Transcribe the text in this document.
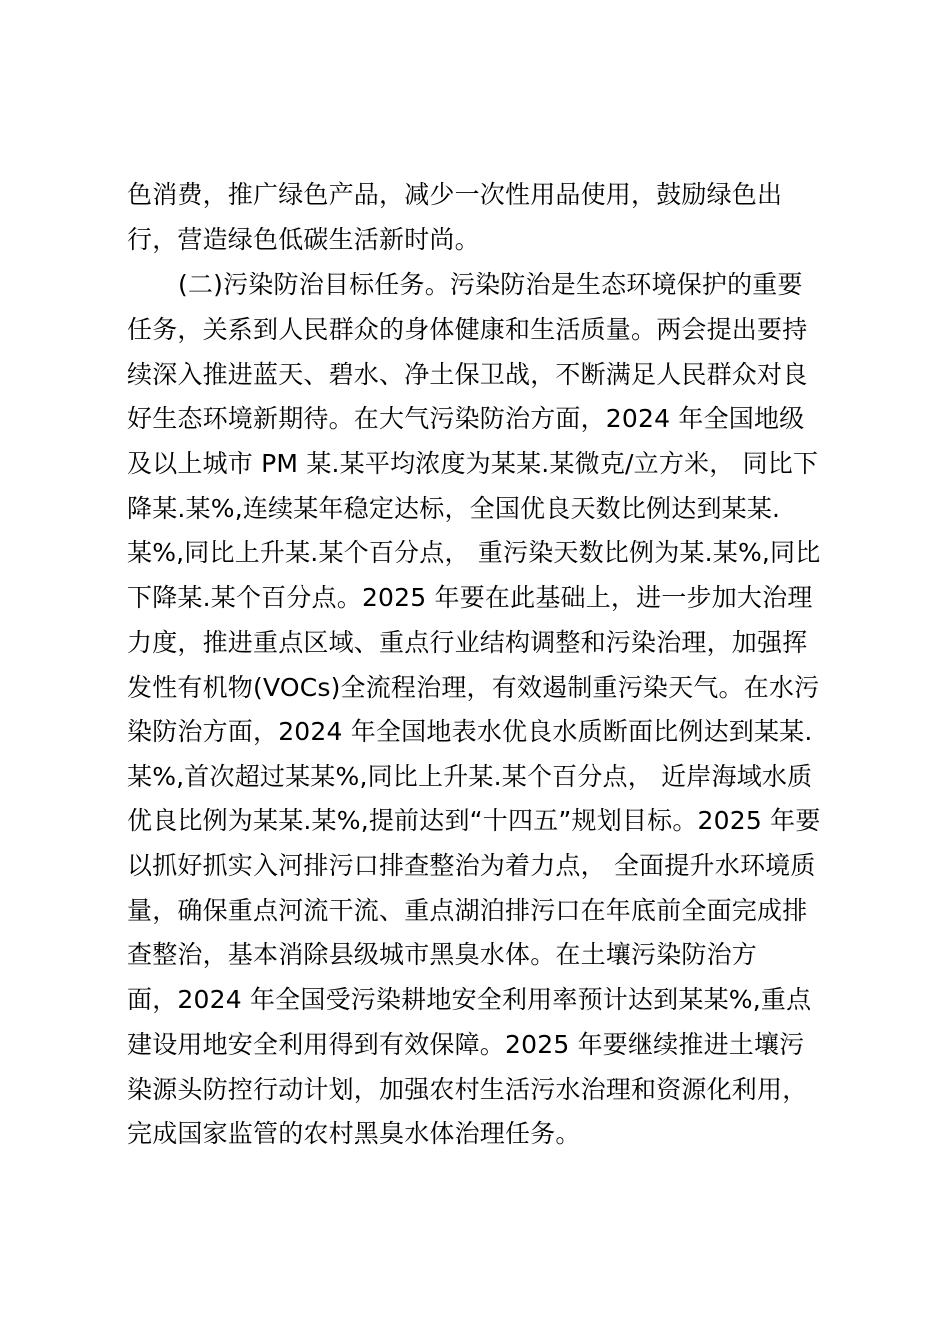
色消费，推广绿色产品，减少一次性用品使用，鼓励绿色出
行，营造绿色低碳生活新时尚。
(二)污染防治目标任务。污染防治是生态环境保护的重要
任务，关系到人民群众的身体健康和生活质量。两会提出要持
续深入推进蓝天、碧水、净土保卫战，不断满足人民群众对良
好生态环境新期待。在大气污染防治方面，2024 年全国地级
及以上城市 PM 某.某平均浓度为某某.某微克/立方米， 同比下
降某.某%,连续某年稳定达标，全国优良天数比例达到某某.
某%,同比上升某.某个百分点， 重污染天数比例为某.某%,同比
下降某.某个百分点。2025 年要在此基础上，进一步加大治理
力度，推进重点区域、重点行业结构调整和污染治理，加强挥
发性有机物(VOCs)全流程治理，有效遏制重污染天气。在水污
染防治方面，2024 年全国地表水优良水质断面比例达到某某.
某%,首次超过某某%,同比上升某.某个百分点， 近岸海域水质
优良比例为某某.某%,提前达到“十四五”规划目标。2025 年要
以抓好抓实入河排污口排查整治为着力点， 全面提升水环境质
量，确保重点河流干流、重点湖泊排污口在年底前全面完成排
查整治，基本消除县级城市黑臭水体。在土壤污染防治方
面，2024 年全国受污染耕地安全利用率预计达到某某%,重点
建设用地安全利用得到有效保障。2025 年要继续推进土壤污
染源头防控行动计划，加强农村生活污水治理和资源化利用，
完成国家监管的农村黑臭水体治理任务。
